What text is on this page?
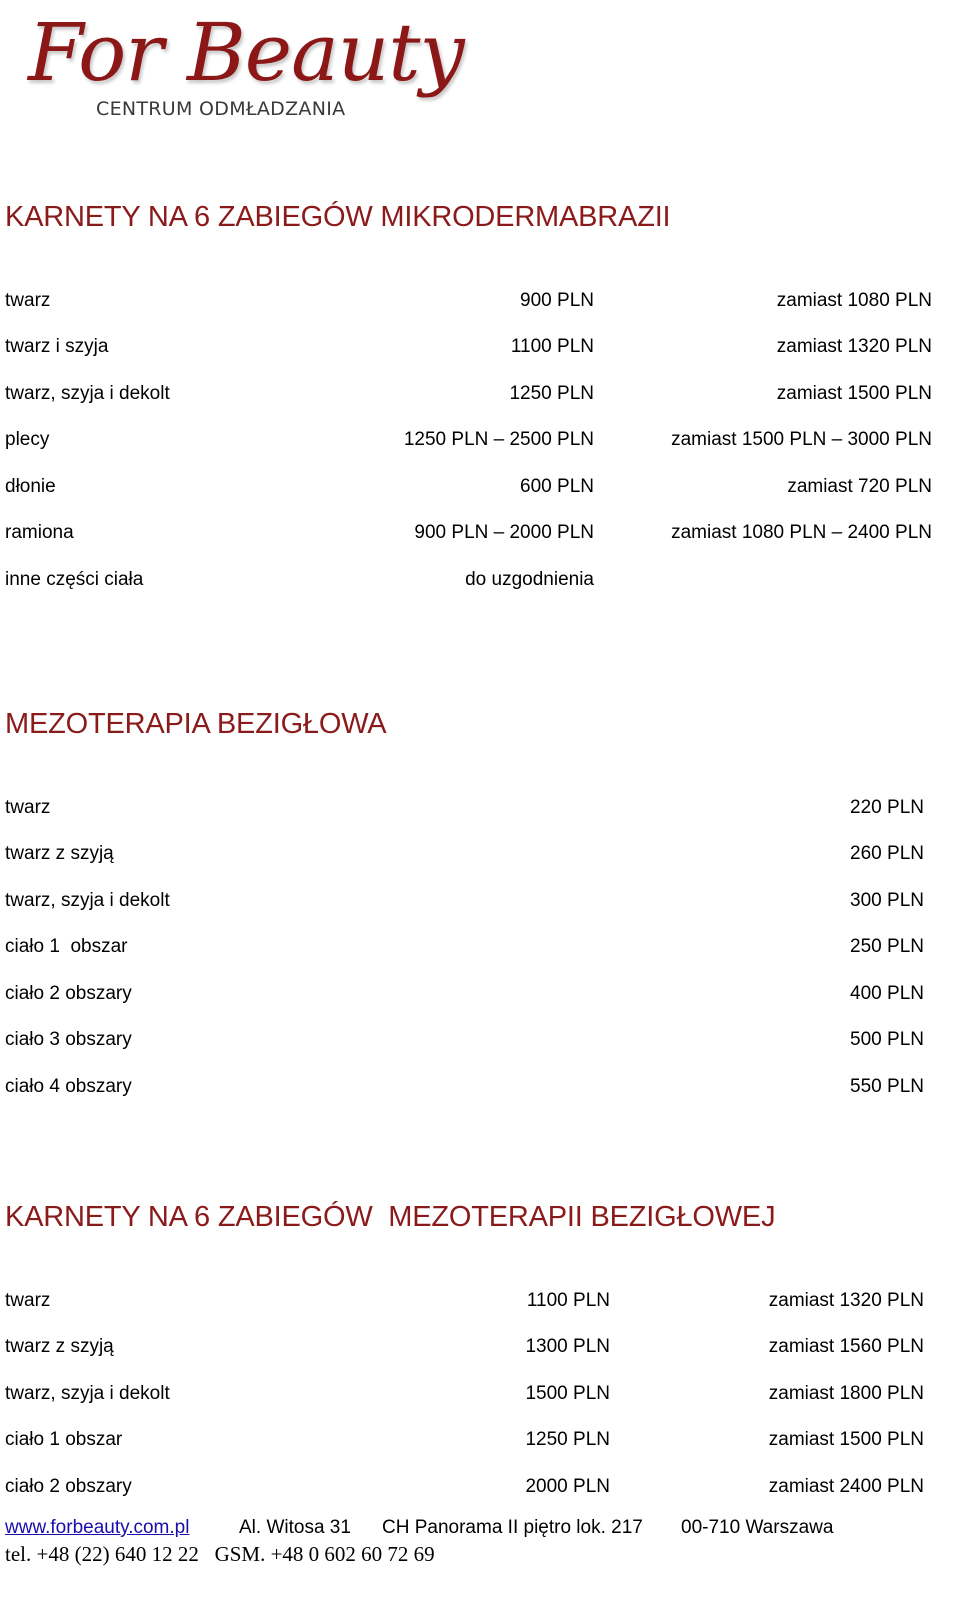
For Beauty
CENTRUM ODMŁADZANIA
KARNETY NA 6 ZABIEGÓW MIKRODERMABRAZII
twarz	900 PLN	zamiast 1080 PLN
twarz i szyja	1100 PLN	zamiast 1320 PLN
twarz, szyja i dekolt	1250 PLN	zamiast 1500 PLN
plecy	1250 PLN – 2500 PLN	zamiast 1500 PLN – 3000 PLN
dłonie	600 PLN	zamiast 720 PLN
ramiona	900 PLN – 2000 PLN	zamiast 1080 PLN – 2400 PLN
inne części ciała	do uzgodnienia
MEZOTERAPIA BEZIGŁOWA
twarz	220 PLN
twarz z szyją	260 PLN
twarz, szyja i dekolt	300 PLN
ciało 1  obszar	250 PLN
ciało 2 obszary	400 PLN
ciało 3 obszary	500 PLN
ciało 4 obszary	550 PLN
KARNETY NA 6 ZABIEGÓW  MEZOTERAPII BEZIGŁOWEJ
twarz	1100 PLN	zamiast 1320 PLN
twarz z szyją	1300 PLN	zamiast 1560 PLN
twarz, szyja i dekolt	1500 PLN	zamiast 1800 PLN
ciało 1 obszar	1250 PLN	zamiast 1500 PLN
ciało 2 obszary	2000 PLN	zamiast 2400 PLN
www.forbeauty.com.pl	Al. Witosa 31 CH Panorama II piętro lok. 217 00-710 Warszawa
tel. +48 (22) 640 12 22   GSM. +48 0 602 60 72 69
